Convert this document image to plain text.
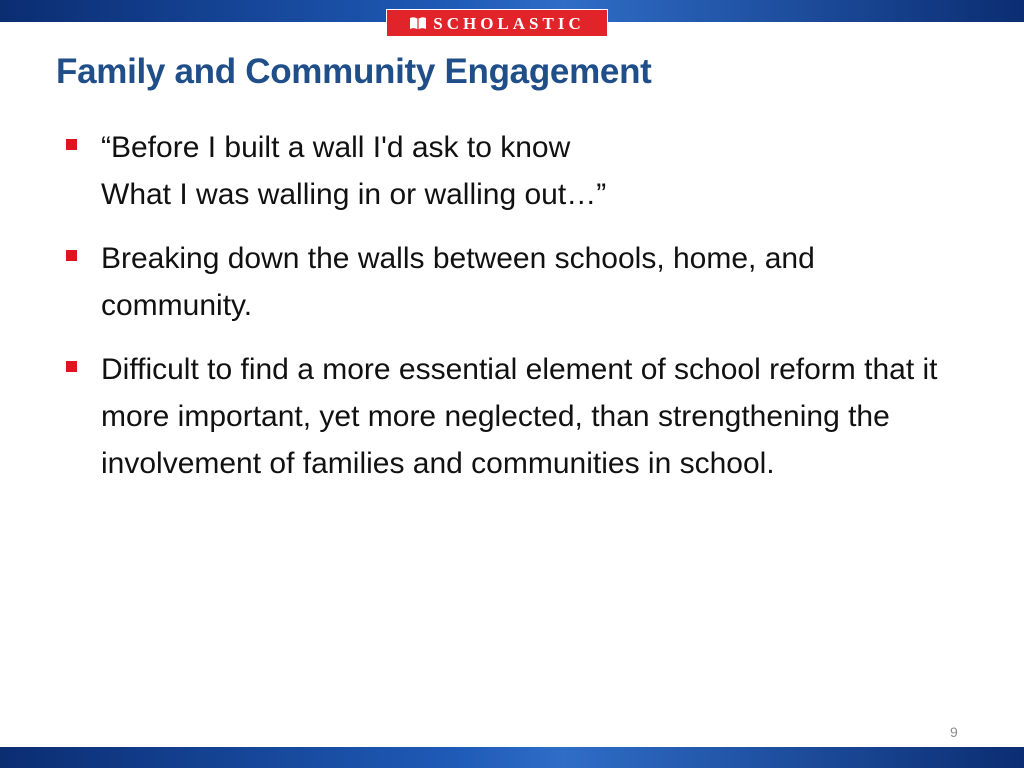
SCHOLASTIC
Family and Community Engagement
“Before I built a wall I'd ask to know
What I was walling in or walling out…”
Breaking down the walls between schools, home, and community.
Difficult to find a more essential element of school reform that it more important, yet more neglected, than strengthening the involvement of families and communities in school.
9
